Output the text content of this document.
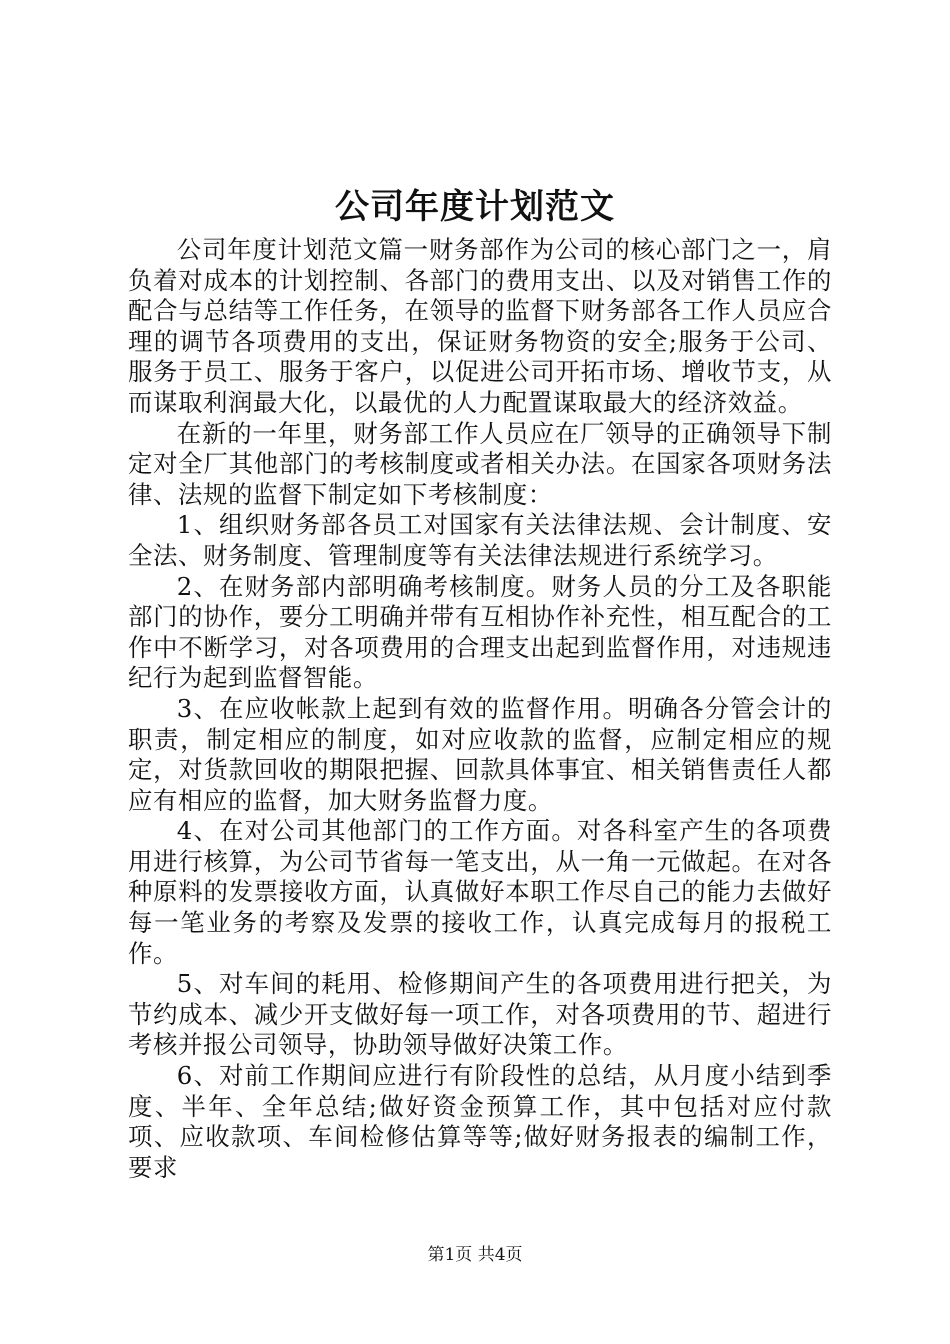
公司年度计划范文

公司年度计划范文篇一财务部作为公司的核心部门之一，肩负着对成本的计划控制、各部门的费用支出、以及对销售工作的配合与总结等工作任务，在领导的监督下财务部各工作人员应合理的调节各项费用的支出，保证财务物资的安全;服务于公司、服务于员工、服务于客户，以促进公司开拓市场、增收节支，从而谋取利润最大化，以最优的人力配置谋取最大的经济效益。

在新的一年里，财务部工作人员应在厂领导的正确领导下制定对全厂其他部门的考核制度或者相关办法。在国家各项财务法律、法规的监督下制定如下考核制度：

1、组织财务部各员工对国家有关法律法规、会计制度、安全法、财务制度、管理制度等有关法律法规进行系统学习。

2、在财务部内部明确考核制度。财务人员的分工及各职能部门的协作，要分工明确并带有互相协作补充性，相互配合的工作中不断学习，对各项费用的合理支出起到监督作用，对违规违纪行为起到监督智能。

3、在应收帐款上起到有效的监督作用。明确各分管会计的职责，制定相应的制度，如对应收款的监督，应制定相应的规定，对货款回收的期限把握、回款具体事宜、相关销售责任人都应有相应的监督，加大财务监督力度。

4、在对公司其他部门的工作方面。对各科室产生的各项费用进行核算，为公司节省每一笔支出，从一角一元做起。在对各种原料的发票接收方面，认真做好本职工作尽自己的能力去做好每一笔业务的考察及发票的接收工作，认真完成每月的报税工作。

5、对车间的耗用、检修期间产生的各项费用进行把关，为节约成本、减少开支做好每一项工作，对各项费用的节、超进行考核并报公司领导，协助领导做好决策工作。

6、对前工作期间应进行有阶段性的总结，从月度小结到季度、半年、全年总结;做好资金预算工作，其中包括对应付款项、应收款项、车间检修估算等等;做好财务报表的编制工作，要求

第1页 共4页
